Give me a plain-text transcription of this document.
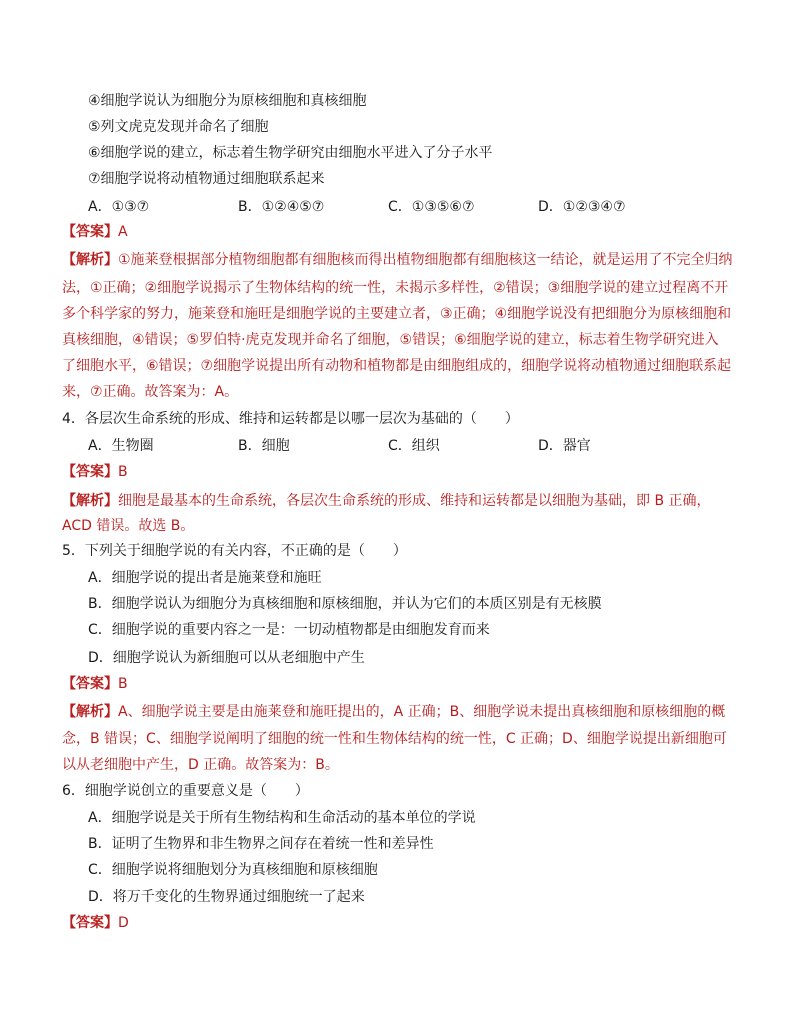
④细胞学说认为细胞分为原核细胞和真核细胞
⑤列文虎克发现并命名了细胞
⑥细胞学说的建立，标志着生物学研究由细胞水平进入了分子水平
⑦细胞学说将动植物通过细胞联系起来
A．①③⑦	B．①②④⑤⑦	C．①③⑤⑥⑦	D．①②③④⑦
【答案】A
【解析】①施莱登根据部分植物细胞都有细胞核而得出植物细胞都有细胞核这一结论，就是运用了不完全归纳
法，①正确；②细胞学说揭示了生物体结构的统一性，未揭示多样性，②错误；③细胞学说的建立过程离不开
多个科学家的努力，施莱登和施旺是细胞学说的主要建立者，③正确；④细胞学说没有把细胞分为原核细胞和
真核细胞，④错误；⑤罗伯特·虎克发现并命名了细胞，⑤错误；⑥细胞学说的建立，标志着生物学研究进入
了细胞水平，⑥错误；⑦细胞学说提出所有动物和植物都是由细胞组成的，细胞学说将动植物通过细胞联系起
来，⑦正确。故答案为：A。
4．各层次生命系统的形成、维持和运转都是以哪一层次为基础的（　　）
A．生物圈	B．细胞	C．组织	D．器官
【答案】B
【解析】细胞是最基本的生命系统，各层次生命系统的形成、维持和运转都是以细胞为基础，即 B 正确，
ACD 错误。故选 B。
5．下列关于细胞学说的有关内容，不正确的是（　　）
A．细胞学说的提出者是施莱登和施旺
B．细胞学说认为细胞分为真核细胞和原核细胞，并认为它们的本质区别是有无核膜
C．细胞学说的重要内容之一是：一切动植物都是由细胞发育而来
D．细胞学说认为新细胞可以从老细胞中产生
【答案】B
【解析】A、细胞学说主要是由施莱登和施旺提出的，A 正确；B、细胞学说未提出真核细胞和原核细胞的概
念，B 错误；C、细胞学说阐明了细胞的统一性和生物体结构的统一性，C 正确；D、细胞学说提出新细胞可
以从老细胞中产生，D 正确。故答案为：B。
6．细胞学说创立的重要意义是（　　）
A．细胞学说是关于所有生物结构和生命活动的基本单位的学说
B．证明了生物界和非生物界之间存在着统一性和差异性
C．细胞学说将细胞划分为真核细胞和原核细胞
D．将万千变化的生物界通过细胞统一了起来
【答案】D
